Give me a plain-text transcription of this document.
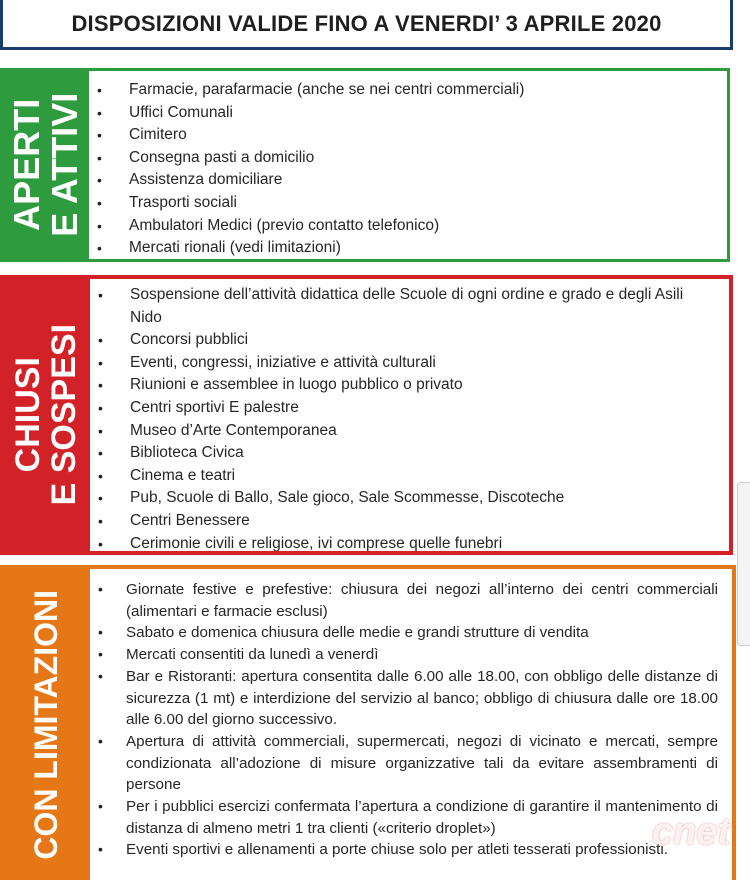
DISPOSIZIONI VALIDE FINO A VENERDI’ 3 APRILE 2020
APERTI
E ATTIVI
• Farmacie, parafarmacie (anche se nei centri commerciali)
• Uffici Comunali
• Cimitero
• Consegna pasti a domicilio
• Assistenza domiciliare
• Trasporti sociali
• Ambulatori Medici (previo contatto telefonico)
• Mercati rionali (vedi limitazioni)
CHIUSI
E SOSPESI
• Sospensione dell’attività didattica delle Scuole di ogni ordine e grado e degli Asili Nido
• Concorsi pubblici
• Eventi, congressi, iniziative e attività culturali
• Riunioni e assemblee in luogo pubblico o privato
• Centri sportivi E palestre
• Museo d’Arte Contemporanea
• Biblioteca Civica
• Cinema e teatri
• Pub, Scuole di Ballo, Sale gioco, Sale Scommesse, Discoteche
• Centri Benessere
• Cerimonie civili e religiose, ivi comprese quelle funebri
CON LIMITAZIONI
• Giornate festive e prefestive: chiusura dei negozi all’interno dei centri commerciali (alimentari e farmacie esclusi)
• Sabato e domenica chiusura delle medie e grandi strutture di vendita
• Mercati consentiti da lunedì a venerdì
• Bar e Ristoranti: apertura consentita dalle 6.00 alle 18.00, con obbligo delle distanze di sicurezza (1 mt) e interdizione del servizio al banco; obbligo di chiusura dalle ore 18.00 alle 6.00 del giorno successivo.
• Apertura di attività commerciali, supermercati, negozi di vicinato e mercati, sempre condizionata all’adozione di misure organizzative tali da evitare assembramenti di persone
• Per i pubblici esercizi confermata l’apertura a condizione di garantire il mantenimento di distanza di almeno metri 1 tra clienti («criterio droplet»)
• Eventi sportivi e allenamenti a porte chiuse solo per atleti tesserati professionisti.
cnet
